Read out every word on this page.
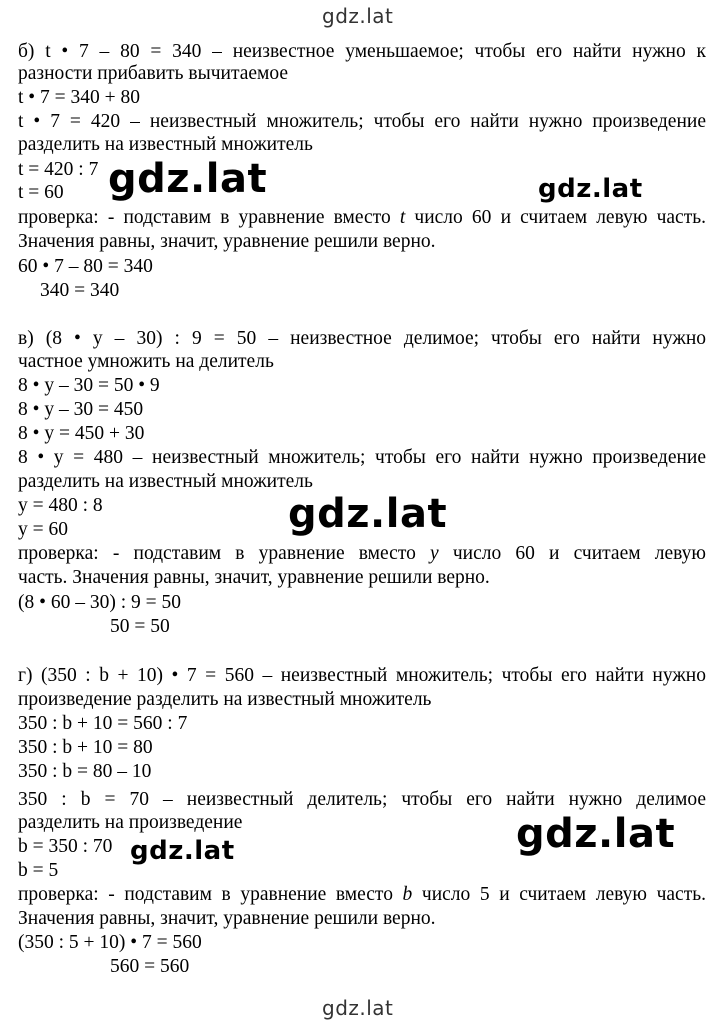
gdz.lat
б) t • 7 – 80 = 340 – неизвестное уменьшаемое; чтобы его найти нужно к
разности прибавить вычитаемое
t • 7 = 340 + 80
t • 7 = 420 – неизвестный множитель; чтобы его найти нужно произведение
разделить на известный множитель
t = 420 : 7
t = 60
проверка: - подставим в уравнение вместо t число 60 и считаем левую часть.
Значения равны, значит, уравнение решили верно.
60 • 7 – 80 = 340
340 = 340
в) (8 • y – 30) : 9 = 50 – неизвестное делимое; чтобы его найти нужно
частное умножить на делитель
8 • y – 30 = 50 • 9
8 • y – 30 = 450
8 • y = 450 + 30
8 • y = 480 – неизвестный множитель; чтобы его найти нужно произведение
разделить на известный множитель
y = 480 : 8
y = 60
проверка: - подставим в уравнение вместо y число 60 и считаем левую
часть. Значения равны, значит, уравнение решили верно.
(8 • 60 – 30) : 9 = 50
50 = 50
г) (350 : b + 10) • 7 = 560 – неизвестный множитель; чтобы его найти нужно
произведение разделить на известный множитель
350 : b + 10 = 560 : 7
350 : b + 10 = 80
350 : b = 80 – 10
350 : b = 70 – неизвестный делитель; чтобы его найти нужно делимое
разделить на произведение
b = 350 : 70
b = 5
проверка: - подставим в уравнение вместо b число 5 и считаем левую часть.
Значения равны, значит, уравнение решили верно.
(350 : 5 + 10) • 7 = 560
560 = 560
gdz.lat	gdz.lat
gdz.lat
gdz.lat	gdz.lat
gdz.lat
